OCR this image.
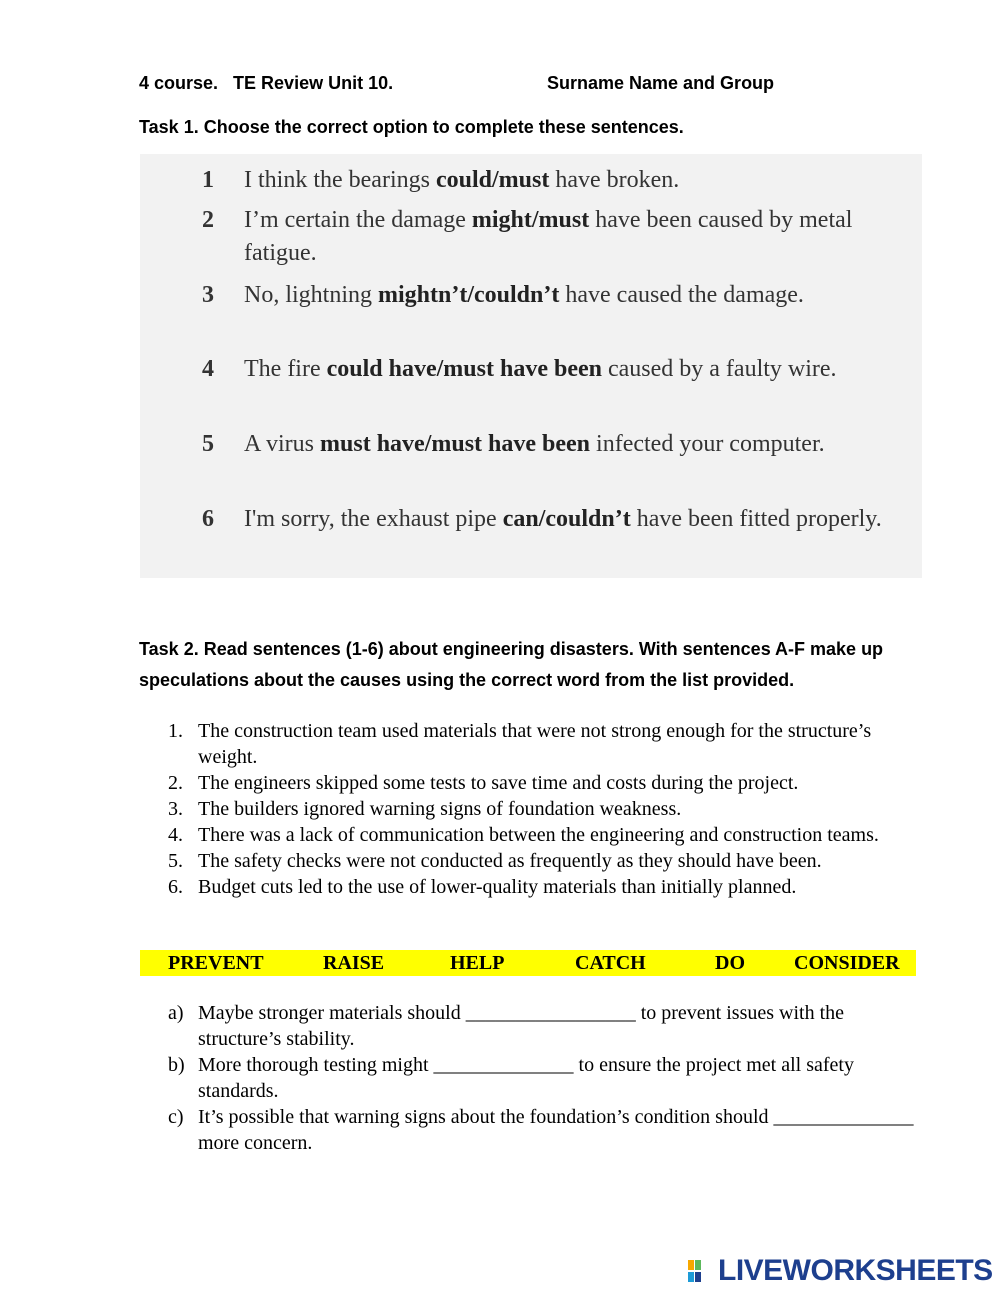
4 course.   TE Review Unit 10.	Surname Name and Group
Task 1. Choose the correct option to complete these sentences.
1	I think the bearings could/must have broken.
2	I’m certain the damage might/must have been caused by metal fatigue.
3	No, lightning mightn’t/couldn’t have caused the damage.
4	The fire could have/must have been caused by a faulty wire.
5	A virus must have/must have been infected your computer.
6	I'm sorry, the exhaust pipe can/couldn’t have been fitted properly.
Task 2. Read sentences (1-6) about engineering disasters. With sentences A-F make up speculations about the causes using the correct word from the list provided.
1. The construction team used materials that were not strong enough for the structure’s weight.
2. The engineers skipped some tests to save time and costs during the project.
3. The builders ignored warning signs of foundation weakness.
4. There was a lack of communication between the engineering and construction teams.
5. The safety checks were not conducted as frequently as they should have been.
6. Budget cuts led to the use of lower-quality materials than initially planned.
PREVENT	RAISE	HELP	CATCH	DO CONSIDER
a) Maybe stronger materials should _________________ to prevent issues with the structure’s stability.
b) More thorough testing might ______________ to ensure the project met all safety standards.
c) It’s possible that warning signs about the foundation’s condition should ______________ more concern.
LIVEWORKSHEETS
